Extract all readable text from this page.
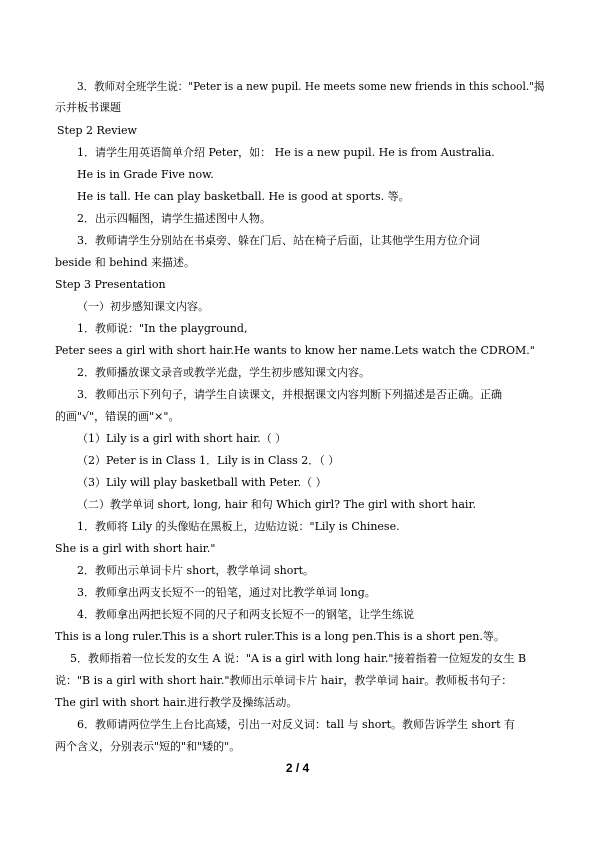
3．教师对全班学生说："Peter is a new pupil. He meets some new friends in this school."揭
示并板书课题
Step 2 Review
1．请学生用英语简单介绍 Peter，如： He is a new pupil. He is from Australia.
He is in Grade Five now.
He is tall. He can play basketball. He is good at sports. 等。
2．出示四幅图，请学生描述图中人物。
3．教师请学生分别站在书桌旁、躲在门后、站在椅子后面，让其他学生用方位介词
beside 和 behind 来描述。
Step 3 Presentation
（一）初步感知课文内容。
1．教师说："In the playground,
Peter sees a girl with short hair.He wants to know her name.Lets watch the CDROM."
2．教师播放课文录音或教学光盘，学生初步感知课文内容。
3．教师出示下列句子，请学生自读课文，并根据课文内容判断下列描述是否正确。正确
的画"√"，错误的画"×"。
（1）Lily is a girl with short hair.（ ）
（2）Peter is in Class 1．Lily is in Class 2．（ ）
（3）Lily will play basketball with Peter.（ ）
（二）教学单词 short, long, hair 和句 Which girl? The girl with short hair.
1．教师将 Lily 的头像贴在黑板上，边贴边说："Lily is Chinese.
She is a girl with short hair."
2．教师出示单词卡片 short，教学单词 short。
3．教师拿出两支长短不一的铅笔，通过对比教学单词 long。
4．教师拿出两把长短不同的尺子和两支长短不一的钢笔，让学生练说
This is a long ruler.This is a short ruler.This is a long pen.This is a short pen.等。
5．教师指着一位长发的女生 A 说："A is a girl with long hair."接着指着一位短发的女生 B
说："B is a girl with short hair."教师出示单词卡片 hair，教学单词 hair。教师板书句子：
The girl with short hair.进行教学及操练活动。
6．教师请两位学生上台比高矮，引出一对反义词：tall 与 short。教师告诉学生 short 有
两个含义，分别表示"短的"和"矮的"。
2 / 4
